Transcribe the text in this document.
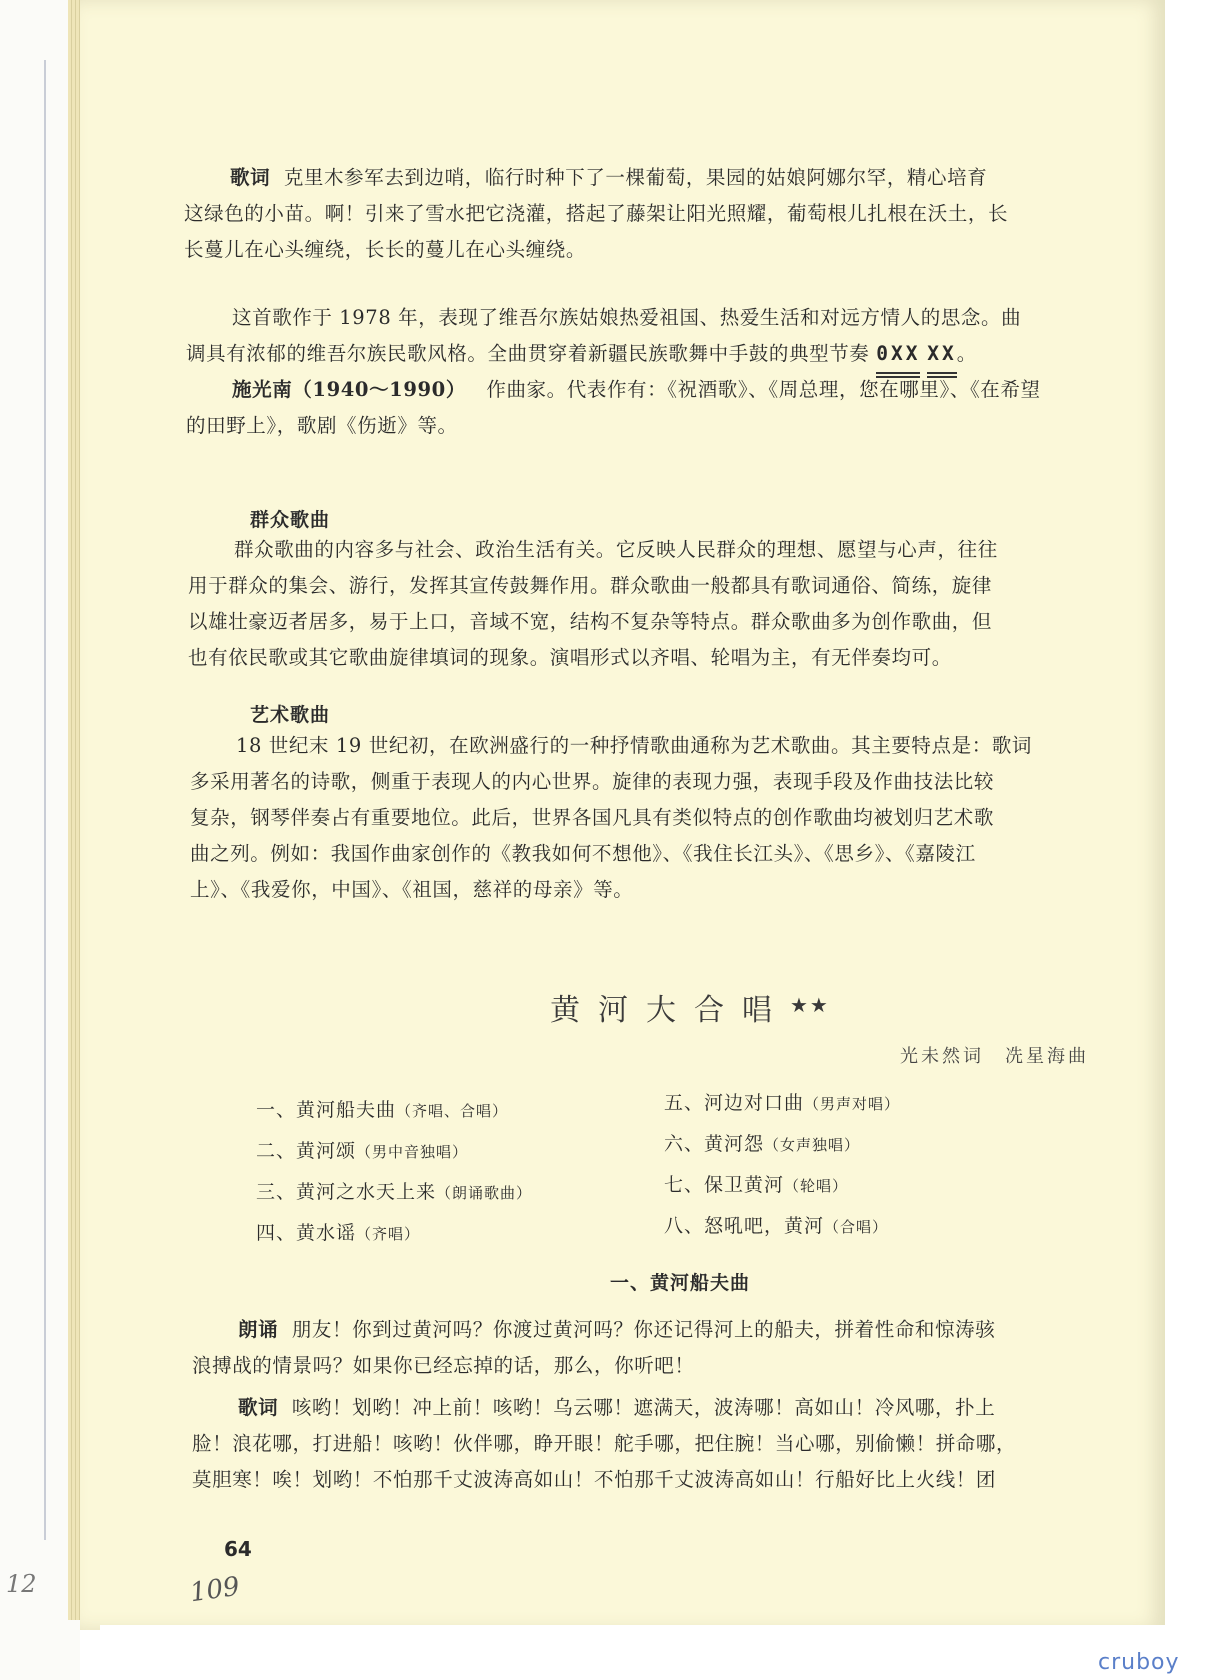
12
歌词 克里木参军去到边哨，临行时种下了一棵葡萄，果园的姑娘阿娜尔罕，精心培育
这绿色的小苗。啊！引来了雪水把它浇灌，搭起了藤架让阳光照耀，葡萄根儿扎根在沃土，长
长蔓儿在心头缠绕，长长的蔓儿在心头缠绕。
这首歌作于 1978 年，表现了维吾尔族姑娘热爱祖国、热爱生活和对远方情人的思念。曲
调具有浓郁的维吾尔族民歌风格。全曲贯穿着新疆民族歌舞中手鼓的典型节奏 0XX XX。
施光南（1940～1990） 作曲家。代表作有：《祝酒歌》、《周总理，您在哪里》、《在希望
的田野上》，歌剧《伤逝》等。
群众歌曲
群众歌曲的内容多与社会、政治生活有关。它反映人民群众的理想、愿望与心声，往往
用于群众的集会、游行，发挥其宣传鼓舞作用。群众歌曲一般都具有歌词通俗、简练，旋律
以雄壮豪迈者居多，易于上口，音域不宽，结构不复杂等特点。群众歌曲多为创作歌曲，但
也有依民歌或其它歌曲旋律填词的现象。演唱形式以齐唱、轮唱为主，有无伴奏均可。
艺术歌曲
18 世纪末 19 世纪初，在欧洲盛行的一种抒情歌曲通称为艺术歌曲。其主要特点是：歌词
多采用著名的诗歌，侧重于表现人的内心世界。旋律的表现力强，表现手段及作曲技法比较
复杂，钢琴伴奏占有重要地位。此后，世界各国凡具有类似特点的创作歌曲均被划归艺术歌
曲之列。例如：我国作曲家创作的《教我如何不想他》、《我住长江头》、《思乡》、《嘉陵江
上》、《我爱你，中国》、《祖国，慈祥的母亲》等。
黄河大合唱★★
光未然词　冼星海曲
一、黄河船夫曲（齐唱、合唱）
二、黄河颂（男中音独唱）
三、黄河之水天上来（朗诵歌曲）
四、黄水谣（齐唱）
五、河边对口曲（男声对唱）
六、黄河怨（女声独唱）
七、保卫黄河（轮唱）
八、怒吼吧，黄河（合唱）
一、黄河船夫曲
朗诵 朋友！你到过黄河吗？你渡过黄河吗？你还记得河上的船夫，拼着性命和惊涛骇
浪搏战的情景吗？如果你已经忘掉的话，那么，你听吧！
歌词 咳哟！划哟！冲上前！咳哟！乌云哪！遮满天，波涛哪！高如山！冷风哪，扑上
脸！浪花哪，打进船！咳哟！伙伴哪，睁开眼！舵手哪，把住腕！当心哪，别偷懒！拼命哪，
莫胆寒！唉！划哟！不怕那千丈波涛高如山！不怕那千丈波涛高如山！行船好比上火线！团
64
109
cruboy
